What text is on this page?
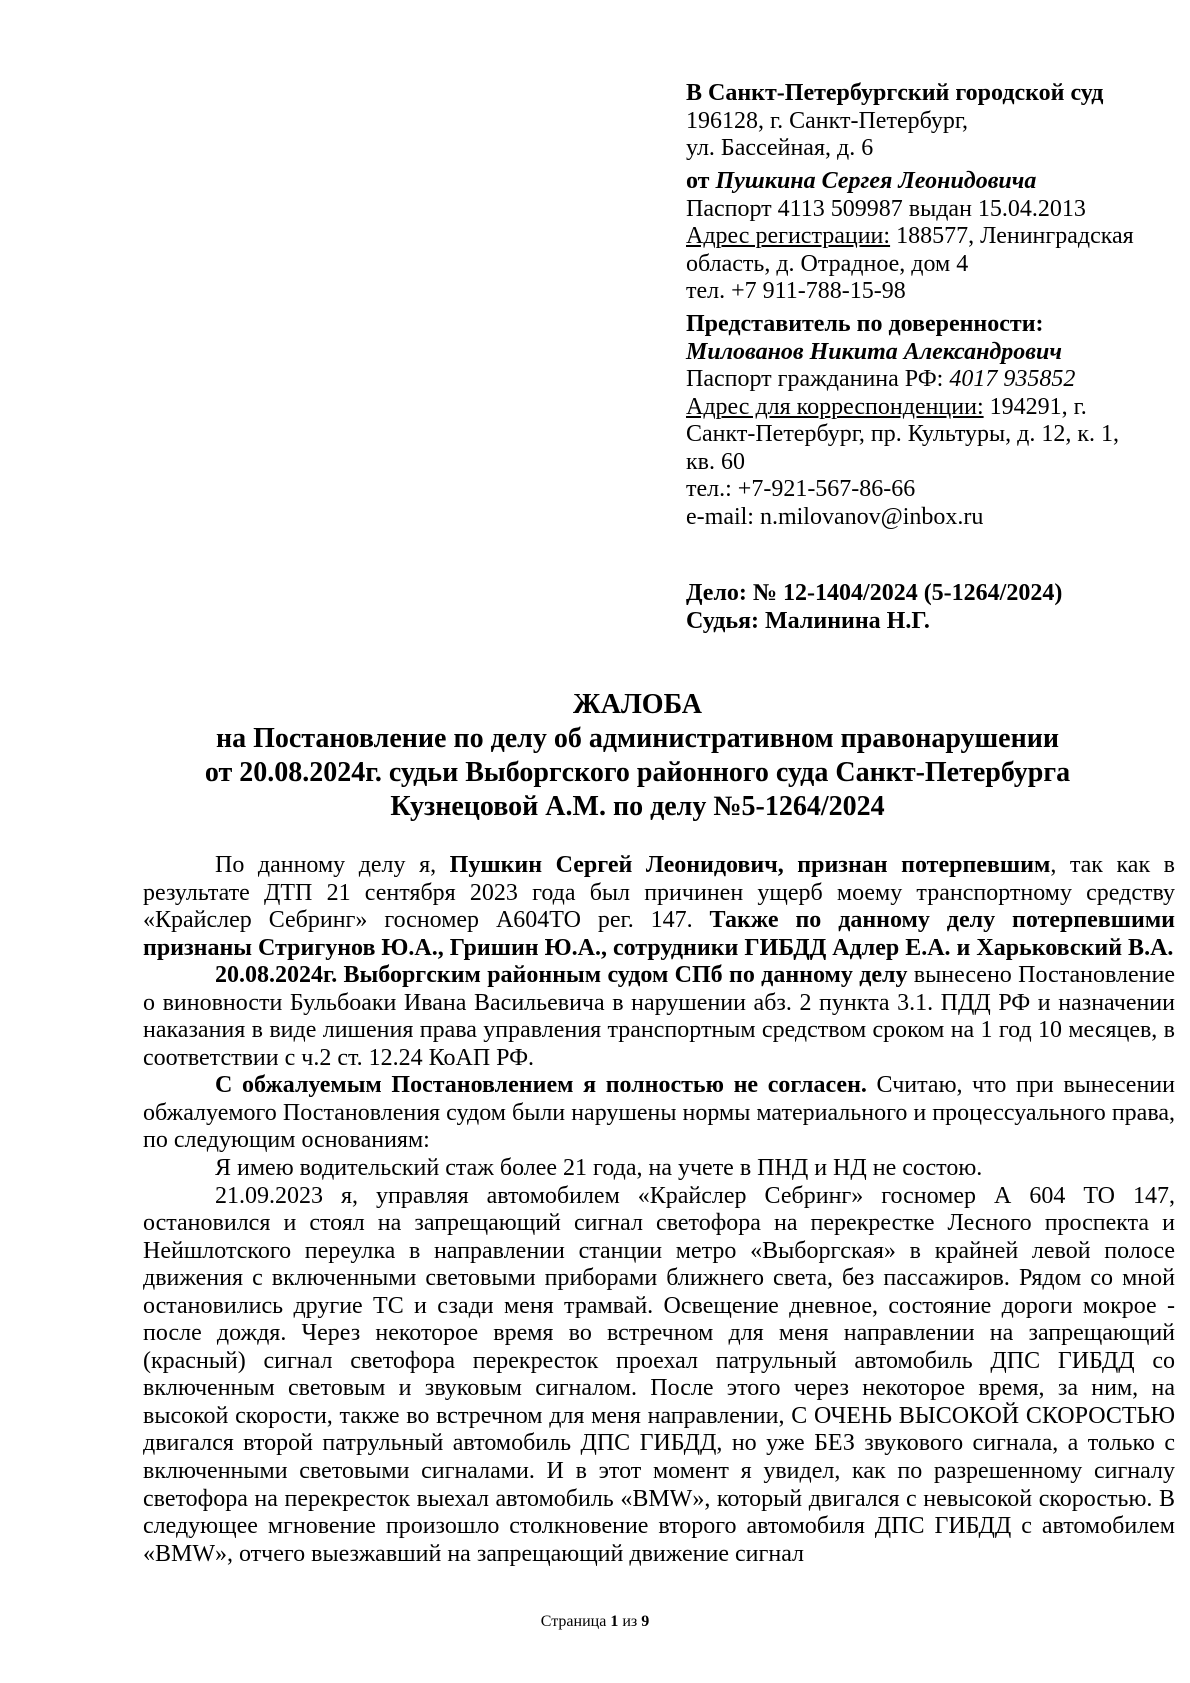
В Санкт-Петербургский городской суд

196128, г. Санкт-Петербург,

ул. Бассейная, д. 6

от Пушкина Сергея Леонидовича

Паспорт 4113 509987 выдан 15.04.2013

Адрес регистрации: 188577, Ленинградская

область, д. Отрадное, дом 4

тел. +7 911-788-15-98

Представитель по доверенности:

Милованов Никита Александрович

Паспорт гражданина РФ: 4017 935852

Адрес для корреспонденции: 194291, г.

Санкт-Петербург, пр. Культуры, д. 12, к. 1,

кв. 60

тел.: +7-921-567-86-66

e-mail: n.milovanov@inbox.ru

Дело: № 12-1404/2024 (5-1264/2024)

Судья: Малинина Н.Г.

ЖАЛОБА
на Постановление по делу об административном правонарушении
от 20.08.2024г. судьи Выборгского районного суда Санкт-Петербурга
Кузнецовой А.М. по делу №5-1264/2024

По данному делу я, Пушкин Сергей Леонидович, признан потерпевшим, так как в результате ДТП 21 сентября 2023 года был причинен ущерб моему транспортному средству «Крайслер Себринг» госномер А604ТО рег. 147. Также по данному делу потерпевшими признаны Стригунов Ю.А., Гришин Ю.А., сотрудники ГИБДД Адлер Е.А. и Харьковский В.А.

20.08.2024г. Выборгским районным судом СПб по данному делу вынесено Постановление о виновности Бульбоаки Ивана Васильевича в нарушении абз. 2 пункта 3.1. ПДД РФ и назначении наказания в виде лишения права управления транспортным средством сроком на 1 год 10 месяцев, в соответствии с ч.2 ст. 12.24 КоАП РФ.

С обжалуемым Постановлением я полностью не согласен. Считаю, что при вынесении обжалуемого Постановления судом были нарушены нормы материального и процессуального права, по следующим основаниям:

Я имею водительский стаж более 21 года, на учете в ПНД и НД не состою.

21.09.2023 я, управляя автомобилем «Крайслер Себринг» госномер А 604 ТО 147, остановился и стоял на запрещающий сигнал светофора на перекрестке Лесного проспекта и Нейшлотского переулка в направлении станции метро «Выборгская» в крайней левой полосе движения с включенными световыми приборами ближнего света, без пассажиров. Рядом со мной остановились другие ТС и сзади меня трамвай. Освещение дневное, состояние дороги мокрое - после дождя. Через некоторое время во встречном для меня направлении на запрещающий (красный) сигнал светофора перекресток проехал патрульный автомобиль ДПС ГИБДД со включенным световым и звуковым сигналом. После этого через некоторое время, за ним, на высокой скорости, также во встречном для меня направлении, С ОЧЕНЬ ВЫСОКОЙ СКОРОСТЬЮ двигался второй патрульный автомобиль ДПС ГИБДД, но уже БЕЗ звукового сигнала, а только с включенными световыми сигналами. И в этот момент я увидел, как по разрешенному сигналу светофора на перекресток выехал автомобиль «BMW», который двигался с невысокой скоростью. В следующее мгновение произошло столкновение второго автомобиля ДПС ГИБДД с автомобилем «BMW», отчего выезжавший на запрещающий движение сигнал

Страница 1 из 9
